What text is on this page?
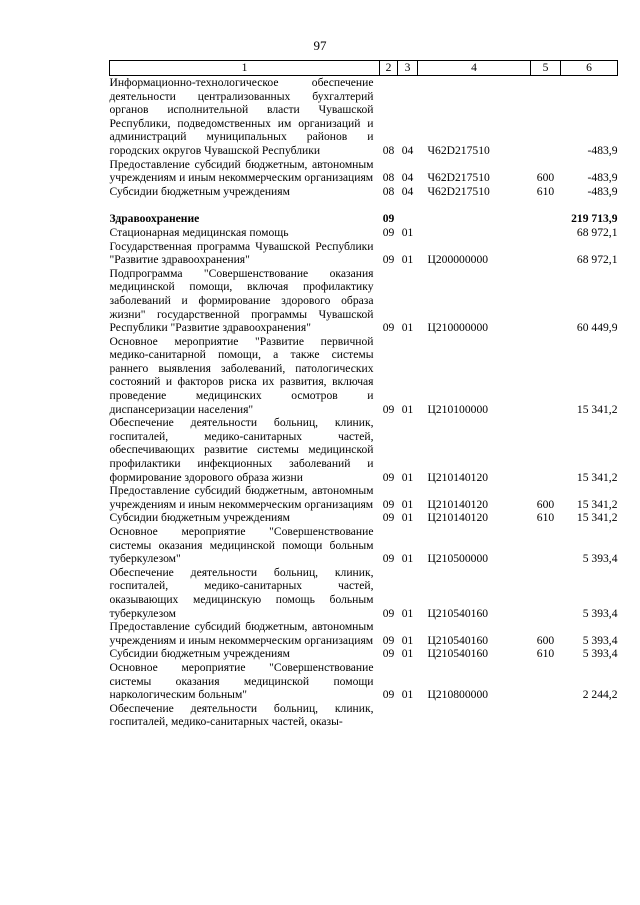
97
1	2	3	4	5	6
Информационно-технологическое обеспечение деятельности централизованных бухгалтерий органов исполнительной власти Чувашской Республики, подведомственных им организаций и администраций муниципальных районов и городских округов Чувашской Республики	08	04	Ч62D217510		-483,9
Предоставление субсидий бюджетным, автономным учреждениям и иным некоммерческим организациям	08	04	Ч62D217510	600	-483,9
Субсидии бюджетным учреждениям	08	04	Ч62D217510	610	-483,9

Здравоохранение	09				219 713,9
Стационарная медицинская помощь	09	01			68 972,1
Государственная программа Чувашской Республики "Развитие здравоохранения"	09	01	Ц200000000		68 972,1
Подпрограмма "Совершенствование оказания медицинской помощи, включая профилактику заболеваний и формирование здорового образа жизни" государственной программы Чувашской Республики "Развитие здравоохранения"	09	01	Ц210000000		60 449,9
Основное мероприятие "Развитие первичной медико-санитарной помощи, а также системы раннего выявления заболеваний, патологических состояний и факторов риска их развития, включая проведение медицинских осмотров и диспансеризации населения"	09	01	Ц210100000		15 341,2
Обеспечение деятельности больниц, клиник, госпиталей, медико-санитарных частей, обеспечивающих развитие системы медицинской профилактики инфекционных заболеваний и формирование здорового образа жизни	09	01	Ц210140120		15 341,2
Предоставление субсидий бюджетным, автономным учреждениям и иным некоммерческим организациям	09	01	Ц210140120	600	15 341,2
Субсидии бюджетным учреждениям	09	01	Ц210140120	610	15 341,2
Основное мероприятие "Совершенствование системы оказания медицинской помощи больным туберкулезом"	09	01	Ц210500000		5 393,4
Обеспечение деятельности больниц, клиник, госпиталей, медико-санитарных частей, оказывающих медицинскую помощь больным туберкулезом	09	01	Ц210540160		5 393,4
Предоставление субсидий бюджетным, автономным учреждениям и иным некоммерческим организациям	09	01	Ц210540160	600	5 393,4
Субсидии бюджетным учреждениям	09	01	Ц210540160	610	5 393,4
Основное мероприятие "Совершенствование системы оказания медицинской помощи наркологическим больным"	09	01	Ц210800000		2 244,2
Обеспечение деятельности больниц, клиник, госпиталей, медико-санитарных частей, оказы-					
